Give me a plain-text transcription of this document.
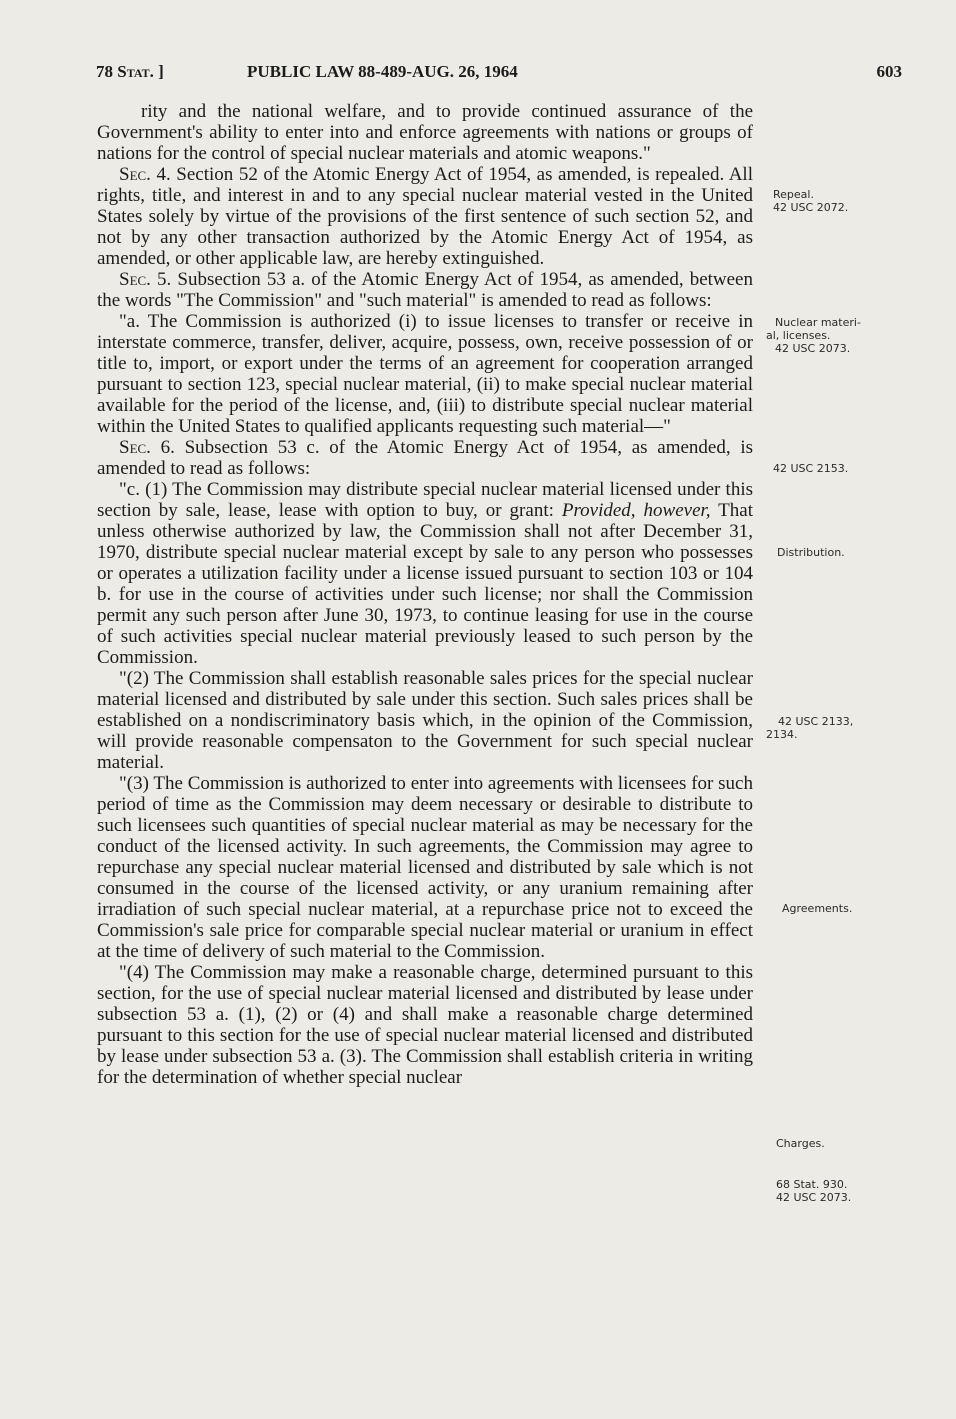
78 Stat. ]	PUBLIC LAW 88-489-AUG. 26, 1964	603

rity and the national welfare, and to provide continued assurance of the Government's ability to enter into and enforce agreements with nations or groups of nations for the control of special nuclear materials and atomic weapons."

Sec. 4. Section 52 of the Atomic Energy Act of 1954, as amended, is repealed. All rights, title, and interest in and to any special nuclear material vested in the United States solely by virtue of the provisions of the first sentence of such section 52, and not by any other transaction authorized by the Atomic Energy Act of 1954, as amended, or other applicable law, are hereby extinguished.

Sec. 5. Subsection 53 a. of the Atomic Energy Act of 1954, as amended, between the words "The Commission" and "such material" is amended to read as follows:

"a. The Commission is authorized (i) to issue licenses to transfer or receive in interstate commerce, transfer, deliver, acquire, possess, own, receive possession of or title to, import, or export under the terms of an agreement for cooperation arranged pursuant to section 123, special nuclear material, (ii) to make special nuclear material available for the period of the license, and, (iii) to distribute special nuclear material within the United States to qualified applicants requesting such material—"

Sec. 6. Subsection 53 c. of the Atomic Energy Act of 1954, as amended, is amended to read as follows:

"c. (1) The Commission may distribute special nuclear material licensed under this section by sale, lease, lease with option to buy, or grant: Provided, however, That unless otherwise authorized by law, the Commission shall not after December 31, 1970, distribute special nuclear material except by sale to any person who possesses or operates a utilization facility under a license issued pursuant to section 103 or 104 b. for use in the course of activities under such license; nor shall the Commission permit any such person after June 30, 1973, to continue leasing for use in the course of such activities special nuclear material previously leased to such person by the Commission.

"(2) The Commission shall establish reasonable sales prices for the special nuclear material licensed and distributed by sale under this section. Such sales prices shall be established on a nondiscriminatory basis which, in the opinion of the Commission, will provide reasonable compensaton to the Government for such special nuclear material.

"(3) The Commission is authorized to enter into agreements with licensees for such period of time as the Commission may deem necessary or desirable to distribute to such licensees such quantities of special nuclear material as may be necessary for the conduct of the licensed activity. In such agreements, the Commission may agree to repurchase any special nuclear material licensed and distributed by sale which is not consumed in the course of the licensed activity, or any uranium remaining after irradiation of such special nuclear material, at a repurchase price not to exceed the Commission's sale price for comparable special nuclear material or uranium in effect at the time of delivery of such material to the Commission.

"(4) The Commission may make a reasonable charge, determined pursuant to this section, for the use of special nuclear material licensed and distributed by lease under subsection 53 a. (1), (2) or (4) and shall make a reasonable charge determined pursuant to this section for the use of special nuclear material licensed and distributed by lease under subsection 53 a. (3). The Commission shall establish criteria in writing for the determination of whether special nuclear

Repeal.
42 USC 2072.
Nuclear materi-
al, licenses.
42 USC 2073.
42 USC 2153.
Distribution.
42 USC 2133,
2134.
Agreements.
Charges.
68 Stat. 930.
42 USC 2073.
